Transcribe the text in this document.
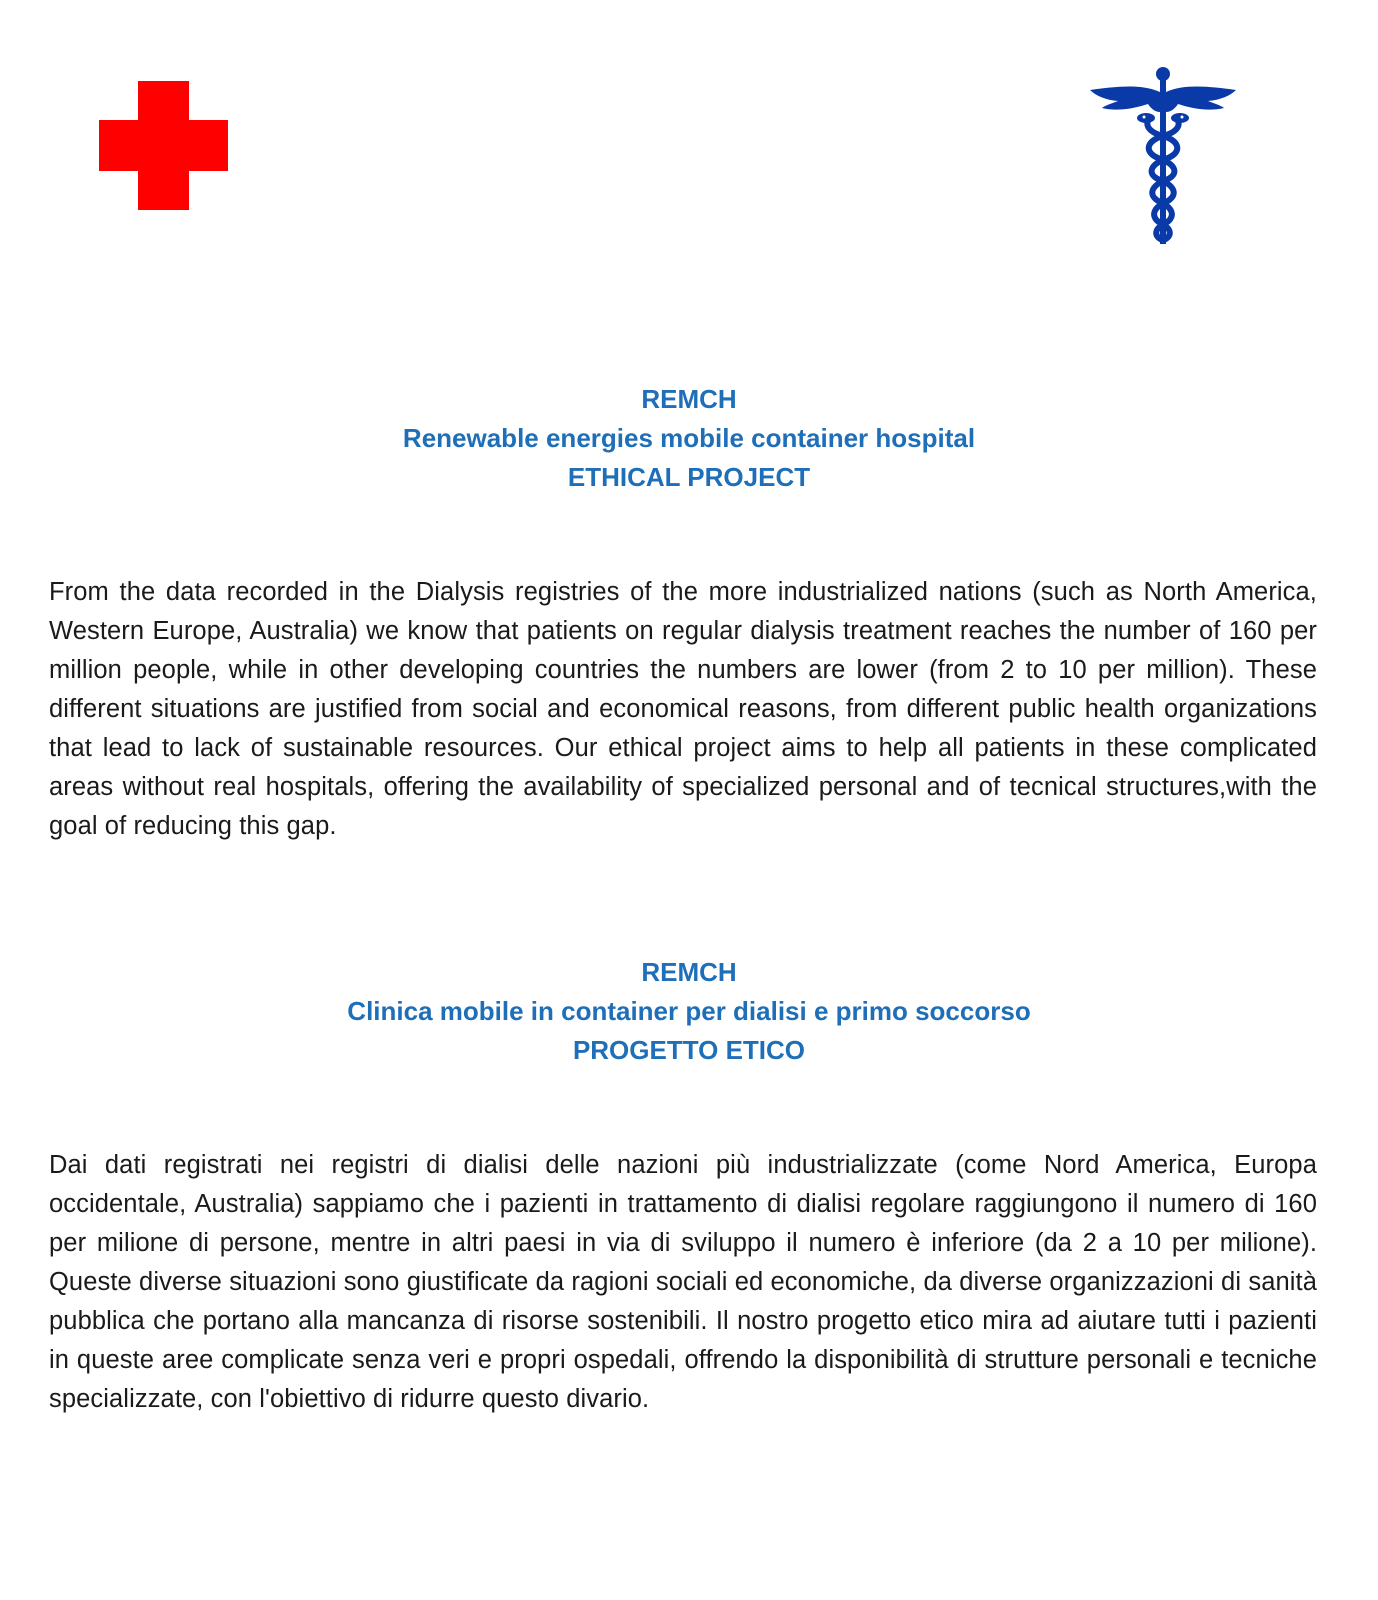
REMCH
Renewable energies mobile container hospital
ETHICAL PROJECT
From the data recorded in the Dialysis registries of the more industrialized nations (such as North America, Western Europe, Australia) we know that patients on regular dialysis treatment reaches the number of 160 per million people, while in other developing countries the numbers are lower (from 2 to 10 per million). These different situations are justified from social and economical reasons, from different public health organizations that lead to lack of sustainable resources. Our ethical project aims to help all patients in these complicated areas without real hospitals, offering the availability of specialized personal and of tecnical structures,with the goal of reducing this gap.
REMCH
Clinica mobile in container per dialisi e primo soccorso
PROGETTO ETICO
Dai dati registrati nei registri di dialisi delle nazioni più industrializzate (come Nord America, Europa occidentale, Australia) sappiamo che i pazienti in trattamento di dialisi regolare raggiungono il numero di 160 per milione di persone, mentre in altri paesi in via di sviluppo il numero è inferiore (da 2 a 10 per milione). Queste diverse situazioni sono giustificate da ragioni sociali ed economiche, da diverse organizzazioni di sanità pubblica che portano alla mancanza di risorse sostenibili. Il nostro progetto etico mira ad aiutare tutti i pazienti in queste aree complicate senza veri e propri ospedali, offrendo la disponibilità di strutture personali e tecniche specializzate, con l'obiettivo di ridurre questo divario.
